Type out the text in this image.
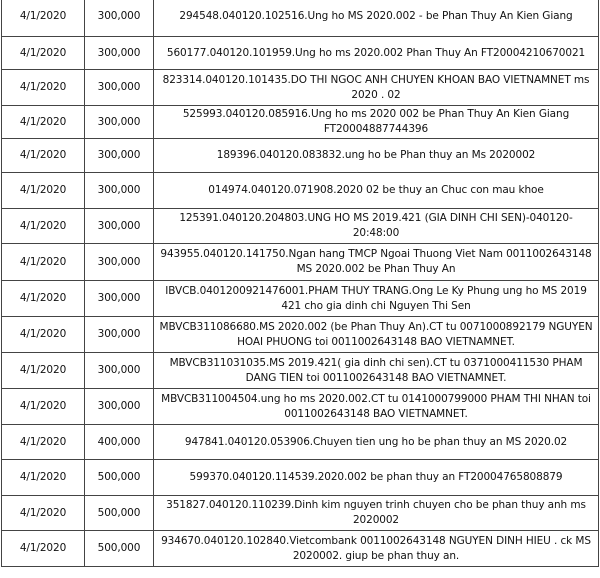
4/1/2020	300,000	294548.040120.102516.Ung ho MS 2020.002 - be Phan Thuy An Kien Giang
4/1/2020	300,000	560177.040120.101959.Ung ho ms 2020.002 Phan Thuy An FT20004210670021
4/1/2020	300,000	823314.040120.101435.DO THI NGOC ANH CHUYEN KHOAN BAO VIETNAMNET ms 2020 . 02
4/1/2020	300,000	525993.040120.085916.Ung ho ms 2020 002 be Phan Thuy An Kien Giang FT20004887744396
4/1/2020	300,000	189396.040120.083832.ung ho be Phan thuy an Ms 2020002
4/1/2020	300,000	014974.040120.071908.2020 02 be thuy an Chuc con mau khoe
4/1/2020	300,000	125391.040120.204803.UNG HO MS 2019.421 (GIA DINH CHI SEN)-040120-20:48:00
4/1/2020	300,000	943955.040120.141750.Ngan hang TMCP Ngoai Thuong Viet Nam 0011002643148 MS 2020.002 be Phan Thuy An
4/1/2020	300,000	IBVCB.0401200921476001.PHAM THUY TRANG.Ong Le Ky Phung ung ho MS 2019 421 cho gia dinh chi Nguyen Thi Sen
4/1/2020	300,000	MBVCB311086680.MS 2020.002 (be Phan Thuy An).CT tu 0071000892179 NGUYEN HOAI PHUONG toi 0011002643148 BAO VIETNAMNET.
4/1/2020	300,000	MBVCB311031035.MS 2019.421( gia dinh chi sen).CT tu 0371000411530 PHAM DANG TIEN toi 0011002643148 BAO VIETNAMNET.
4/1/2020	300,000	MBVCB311004504.ung ho ms 2020.002.CT tu 0141000799000 PHAM THI NHAN toi 0011002643148 BAO VIETNAMNET.
4/1/2020	400,000	947841.040120.053906.Chuyen tien ung ho be phan thuy an MS 2020.02
4/1/2020	500,000	599370.040120.114539.2020.002 be phan thuy an FT20004765808879
4/1/2020	500,000	351827.040120.110239.Dinh kim nguyen trinh chuyen cho be phan thuy anh ms 2020002
4/1/2020	500,000	934670.040120.102840.Vietcombank 0011002643148 NGUYEN DINH HIEU . ck MS 2020002. giup be phan thuy an.
